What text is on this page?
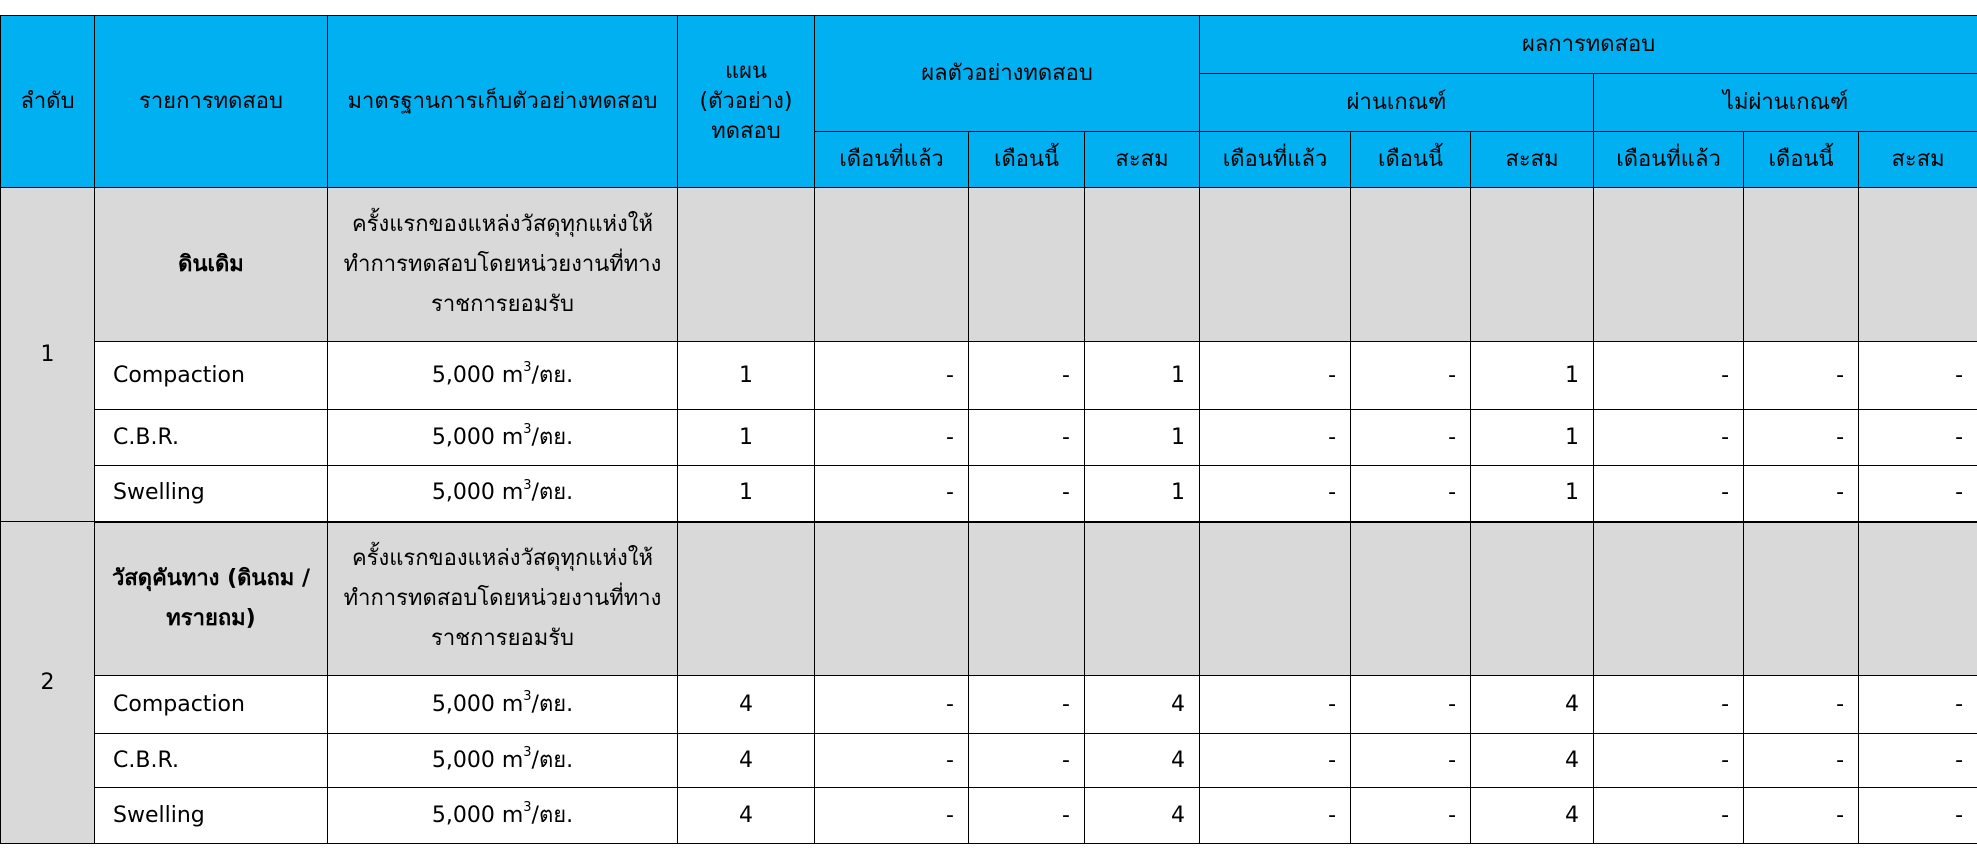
ลำดับ	รายการทดสอบ	มาตรฐานการเก็บตัวอย่างทดสอบ	แผน (ตัวอย่าง) ทดสอบ	ผลตัวอย่างทดสอบ			ผลการทดสอบ					
							ผ่านเกณฑ์			ไม่ผ่านเกณฑ์		
				เดือนที่แล้ว	เดือนนี้	สะสม	เดือนที่แล้ว	เดือนนี้	สะสม	เดือนที่แล้ว	เดือนนี้	สะสม
1	ดินเดิม	ครั้งแรกของแหล่งวัสดุทุกแห่งให้ทำการทดสอบโดยหน่วยงานที่ทางราชการยอมรับ										
	Compaction	5,000 $m^3/$ตย.	1	-	-	1	-	-	1	-	-	-
	C.B.R.	5,000 $m^3/$ตย.	1	-	-	1	-	-	1	-	-	-
	Swelling	5,000 $m^3/$ตย.	1	-	-	1	-	-	1	-	-	-
2	วัสดุคันทาง (ดินถม / ทรายถม)	ครั้งแรกของแหล่งวัสดุทุกแห่งให้ทำการทดสอบโดยหน่วยงานที่ทางราชการยอมรับ										
	Compaction	5,000 $m^3/$ตย.	4	-	-	4	-	-	4	-	-	-
	C.B.R.	5,000 $m^3/$ตย.	4	-	-	4	-	-	4	-	-	-
	Swelling	5,000 $m^3/$ตย.	4	-	-	4	-	-	4	-	-	-
